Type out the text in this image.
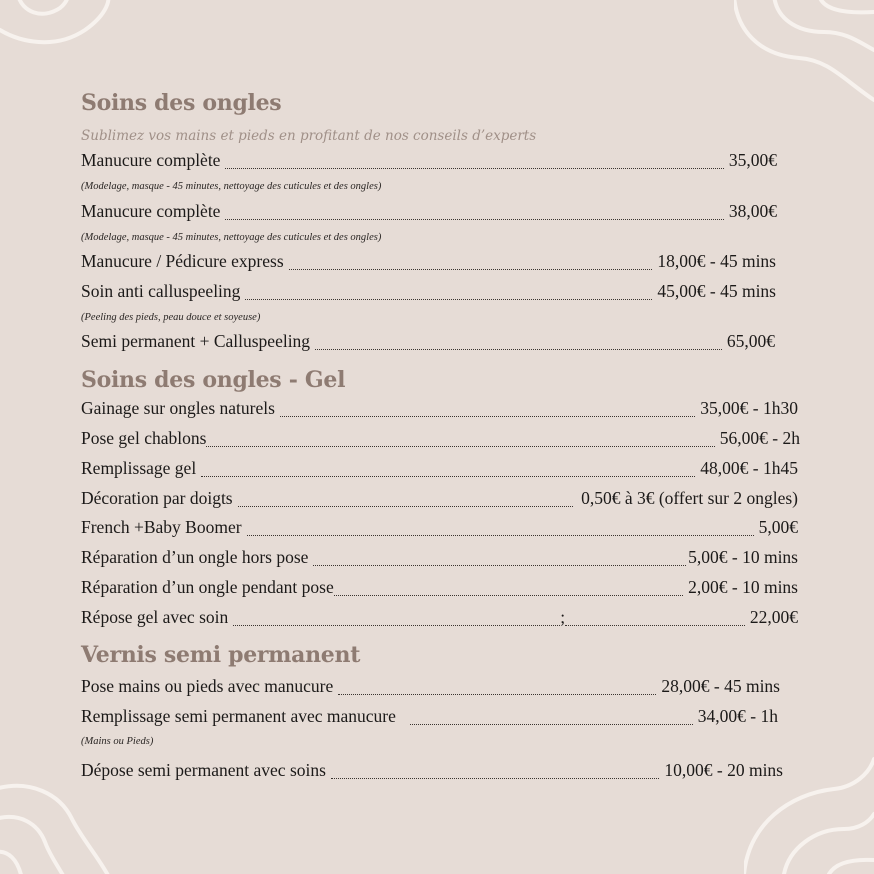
Soins des ongles
Sublimez vos mains et pieds en profitant de nos conseils d’experts
Manucure complète	35,00€
(Modelage, masque - 45 minutes, nettoyage des cuticules et des ongles)
Manucure complète	38,00€
(Modelage, masque - 45 minutes, nettoyage des cuticules et des ongles)
Manucure / Pédicure express	18,00€ - 45 mins
Soin anti calluspeeling	45,00€ - 45 mins
(Peeling des pieds, peau douce et soyeuse)
Semi permanent + Calluspeeling	65,00€
Soins des ongles - Gel
Gainage sur ongles naturels	35,00€ - 1h30
Pose gel chablons	56,00€ - 2h
Remplissage gel	48,00€ - 1h45
Décoration par doigts	0,50€ à 3€ (offert sur 2 ongles)
French +Baby Boomer	5,00€
Réparation d’un ongle hors pose	5,00€ - 10 mins
Réparation d’un ongle pendant pose	2,00€ - 10 mins
Répose gel avec soin	;	22,00€
Vernis semi permanent
Pose mains ou pieds avec manucure	28,00€ - 45 mins
Remplissage semi permanent avec manucure	34,00€ - 1h
(Mains ou Pieds)
Dépose semi permanent avec soins	10,00€ - 20 mins
